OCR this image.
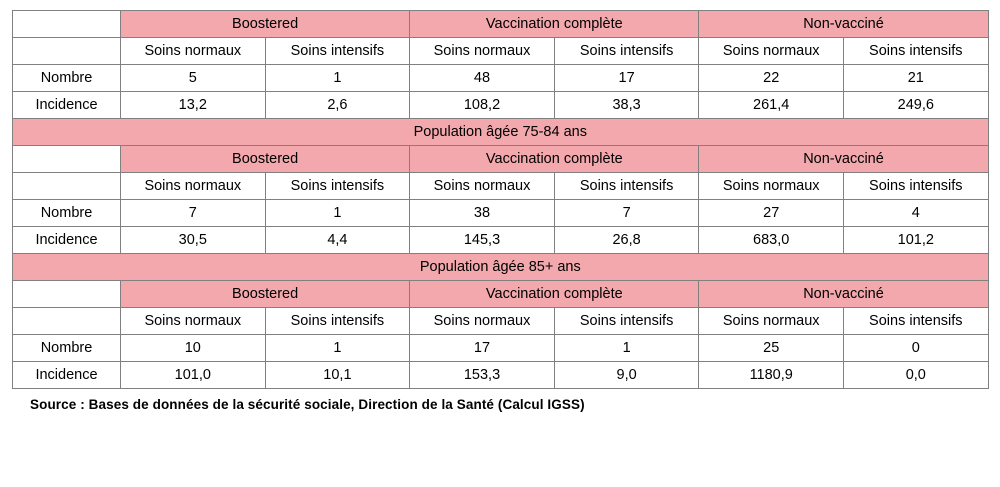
	Boostered		Vaccination complète		Non-vacciné	
	Soins normaux	Soins intensifs	Soins normaux	Soins intensifs	Soins normaux	Soins intensifs
Nombre	5	1	48	17	22	21
Incidence	13,2	2,6	108,2	38,3	261,4	249,6
Population âgée 75-84 ans						
	Boostered		Vaccination complète		Non-vacciné	
	Soins normaux	Soins intensifs	Soins normaux	Soins intensifs	Soins normaux	Soins intensifs
Nombre	7	1	38	7	27	4
Incidence	30,5	4,4	145,3	26,8	683,0	101,2
Population âgée 85+ ans						
	Boostered		Vaccination complète		Non-vacciné	
	Soins normaux	Soins intensifs	Soins normaux	Soins intensifs	Soins normaux	Soins intensifs
Nombre	10	1	17	1	25	0
Incidence	101,0	10,1	153,3	9,0	1180,9	0,0
Source : Bases de données de la sécurité sociale, Direction de la Santé (Calcul IGSS)
